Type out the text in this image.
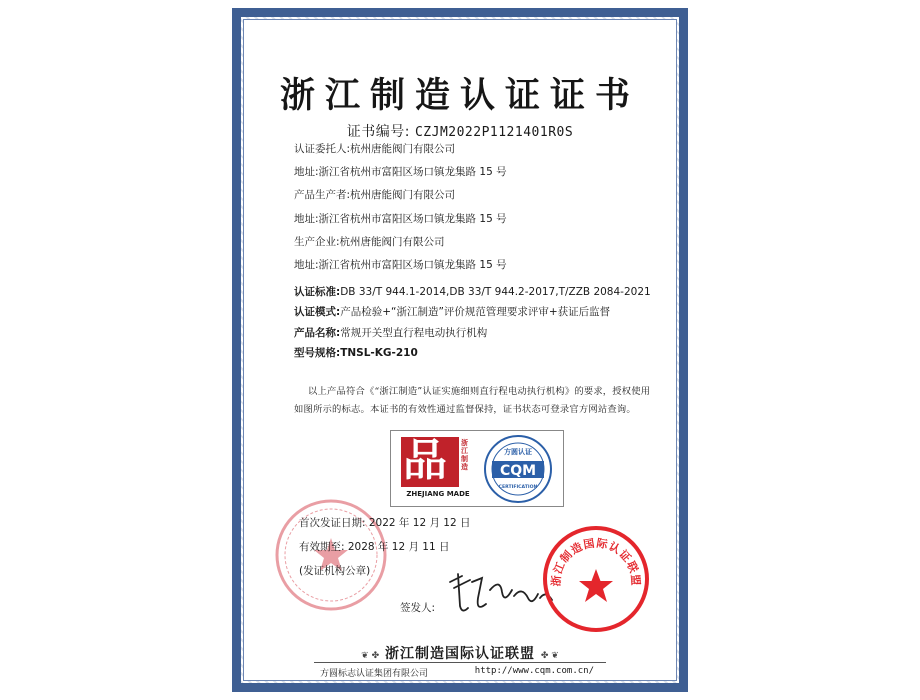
浙江制造认证证书
证书编号: CZJM2022P1121401R0S
认证委托人:杭州唐能阀门有限公司
地址:浙江省杭州市富阳区场口镇龙集路 15 号
产品生产者:杭州唐能阀门有限公司
地址:浙江省杭州市富阳区场口镇龙集路 15 号
生产企业:杭州唐能阀门有限公司
地址:浙江省杭州市富阳区场口镇龙集路 15 号
认证标准:DB 33/T 944.1-2014,DB 33/T 944.2-2017,T/ZZB 2084-2021
认证模式:产品检验+“浙江制造”评价规范管理要求评审+获证后监督
产品名称:常规开关型直行程电动执行机构
型号规格:TNSL-KG-210
以上产品符合《“浙江制造”认证实施细则直行程电动执行机构》的要求，授权使用如图所示的标志。本证书的有效性通过监督保持，证书状态可登录官方网站查询。
品 浙江制造
ZHEJIANG MADE
方圆认证
CQM
CERTIFICATION
首次发证日期: 2022 年 12 月 12 日
有效期至: 2028 年 12 月 11 日
(发证机构公章)
签发人:
浙江制造国际认证联盟
❦ ✤ 浙江制造国际认证联盟 ✤ ❦
方圆标志认证集团有限公司	http://www.cqm.com.cn/
